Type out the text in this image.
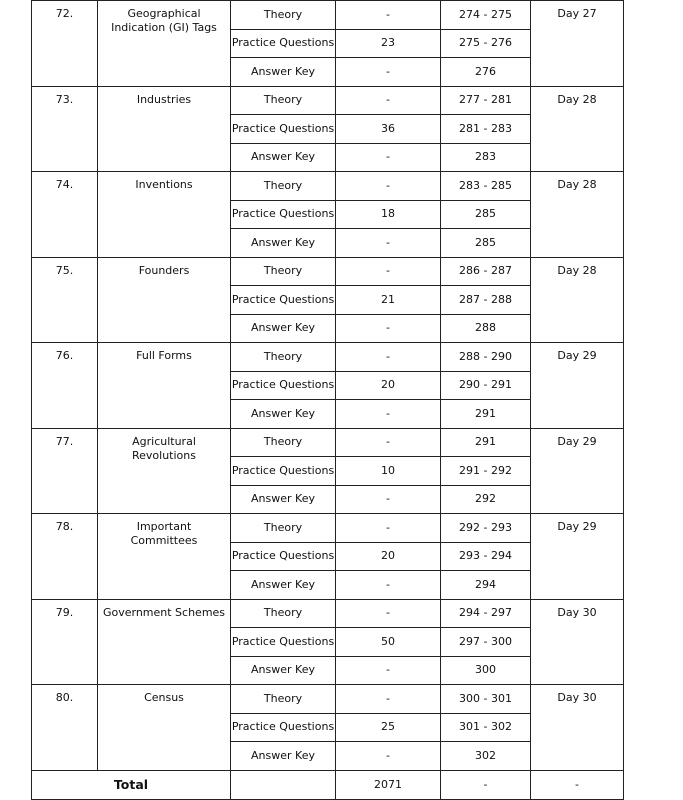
72.	Geographical Indication (GI) Tags	Theory	-	274 - 275	Day 27
		Practice Questions	23	275 - 276	
		Answer Key	-	276	
73.	Industries	Theory	-	277 - 281	Day 28
		Practice Questions	36	281 - 283	
		Answer Key	-	283	
74.	Inventions	Theory	-	283 - 285	Day 28
		Practice Questions	18	285	
		Answer Key	-	285	
75.	Founders	Theory	-	286 - 287	Day 28
		Practice Questions	21	287 - 288	
		Answer Key	-	288	
76.	Full Forms	Theory	-	288 - 290	Day 29
		Practice Questions	20	290 - 291	
		Answer Key	-	291	
77.	Agricultural Revolutions	Theory	-	291	Day 29
		Practice Questions	10	291 - 292	
		Answer Key	-	292	
78.	Important Committees	Theory	-	292 - 293	Day 29
		Practice Questions	20	293 - 294	
		Answer Key	-	294	
79.	Government Schemes	Theory	-	294 - 297	Day 30
		Practice Questions	50	297 - 300	
		Answer Key	-	300	
80.	Census	Theory	-	300 - 301	Day 30
		Practice Questions	25	301 - 302	
		Answer Key	-	302	
Total			2071	-	-
